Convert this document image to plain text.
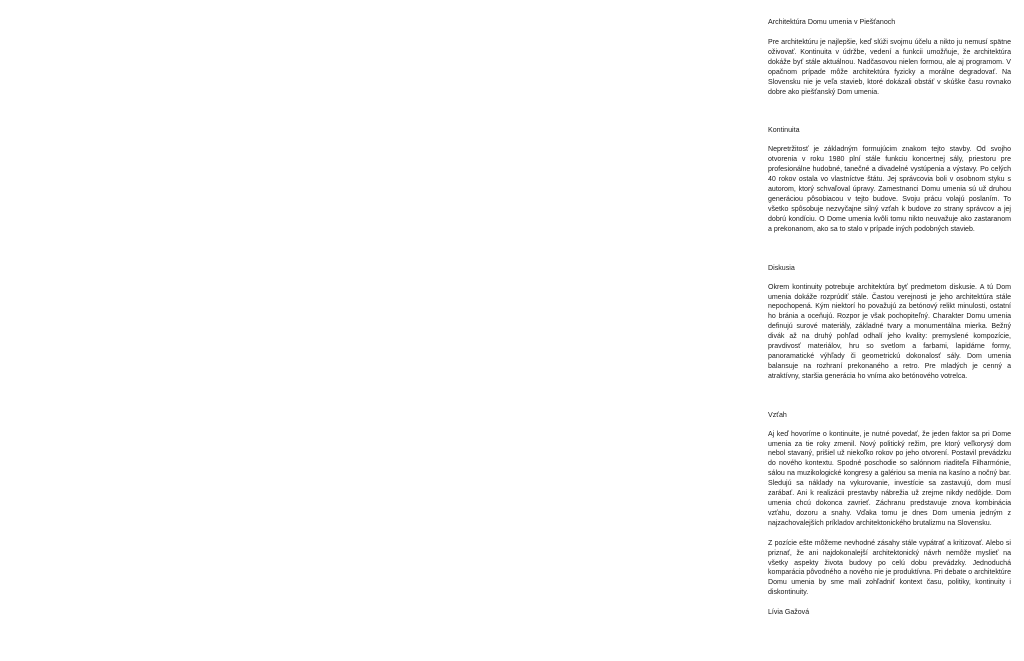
Architektúra Domu umenia v Piešťanoch

Pre architektúru je najlepšie, keď slúži svojmu účelu a nikto ju nemusí spätne oživovať. Kontinuita v údržbe, vedení a funkcii umožňuje, že architektúra dokáže byť stále aktuálnou. Nadčasovou nielen formou, ale aj programom. V opačnom prípade môže architektúra fyzicky a morálne degradovať. Na Slovensku nie je veľa stavieb, ktoré dokázali obstáť v skúške času rovnako dobre ako piešťanský Dom umenia.

Kontinuita

Nepretržitosť je základným formujúcim znakom tejto stavby. Od svojho otvorenia v roku 1980 plní stále funkciu koncertnej sály, priestoru pre profesionálne hudobné, tanečné a divadelné vystúpenia a výstavy. Po celých 40 rokov ostala vo vlastníctve štátu. Jej správcovia boli v osobnom styku s autorom, ktorý schvaľoval úpravy. Zamestnanci Domu umenia sú už druhou generáciou pôsobiacou v tejto budove. Svoju prácu volajú poslaním. To všetko spôsobuje nezvyčajne silný vzťah k budove zo strany správcov a jej dobrú kondíciu. O Dome umenia kvôli tomu nikto neuvažuje ako zastaranom a prekonanom, ako sa to stalo v prípade iných podobných stavieb.

Diskusia

Okrem kontinuity potrebuje architektúra byť predmetom diskusie. A tú Dom umenia dokáže rozprúdiť stále. Častou verejnosti je jeho architektúra stále nepochopená. Kým niektorí ho považujú za betónový relikt minulosti, ostatní ho bránia a oceňujú. Rozpor je však pochopiteľný. Charakter Domu umenia definujú surové materiály, základné tvary a monumentálna mierka. Bežný divák až na druhý pohľad odhalí jeho kvality: premyslené kompozície, pravdivosť materiálov, hru so svetlom a farbami, lapidárne formy, panoramatické výhľady či geometrickú dokonalosť sály. Dom umenia balansuje na rozhraní prekonaného a retro. Pre mladých je cenný a atraktívny, staršia generácia ho vníma ako betónového votrelca.

Vzťah

Aj keď hovoríme o kontinuite, je nutné povedať, že jeden faktor sa pri Dome umenia za tie roky zmenil. Nový politický režim, pre ktorý veľkorysý dom nebol stavaný, prišiel už niekoľko rokov po jeho otvorení. Postavil prevádzku do nového kontextu. Spodné poschodie so salónnom riaditeľa Filharmónie, sálou na muzikologické kongresy a galériou sa menia na kasíno a nočný bar. Sledujú sa náklady na vykurovanie, investície sa zastavujú, dom musí zarábať. Ani k realizácii prestavby nábrežia už zrejme nikdy nedôjde. Dom umenia chcú dokonca zavrieť. Záchranu predstavuje znova kombinácia vzťahu, dozoru a snahy. Vďaka tomu je dnes Dom umenia jedným z najzachovalejších príkladov architektonického brutalizmu na Slovensku.

Z pozície ešte môžeme nevhodné zásahy stále vypátrať a kritizovať. Alebo si priznať, že ani najdokonalejší architektonický návrh nemôže myslieť na všetky aspekty života budovy po celú dobu prevádzky. Jednoduchá komparácia pôvodného a nového nie je produktívna. Pri debate o architektúre Domu umenia by sme mali zohľadniť kontext času, politiky, kontinuity i diskontinuity.

Lívia Gažová
